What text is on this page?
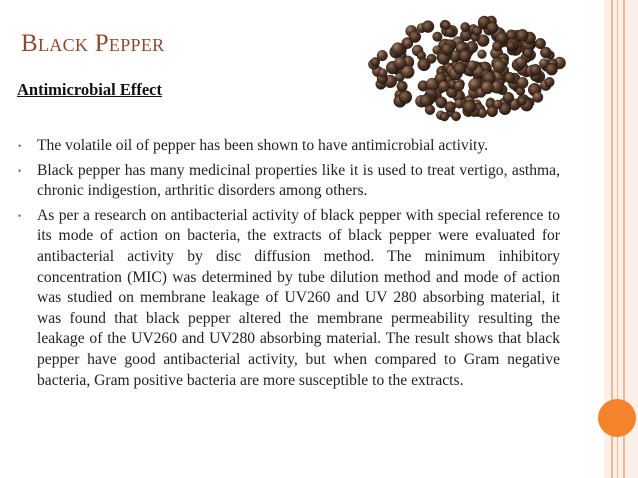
Black Pepper
Antimicrobial Effect
• The volatile oil of pepper has been shown to have antimicrobial activity.
• Black pepper has many medicinal properties like it is used to treat vertigo, asthma, chronic indigestion, arthritic disorders among others.
• As per a research on antibacterial activity of black pepper with special reference to its mode of action on bacteria, the extracts of black pepper were evaluated for antibacterial activity by disc diffusion method. The minimum inhibitory concentration (MIC) was determined by tube dilution method and mode of action was studied on membrane leakage of UV260 and UV 280 absorbing material, it was found that black pepper altered the membrane permeability resulting the leakage of the UV260 and UV280 absorbing material. The result shows that black pepper have good antibacterial activity, but when compared to Gram negative bacteria, Gram positive bacteria are more susceptible to the extracts.
